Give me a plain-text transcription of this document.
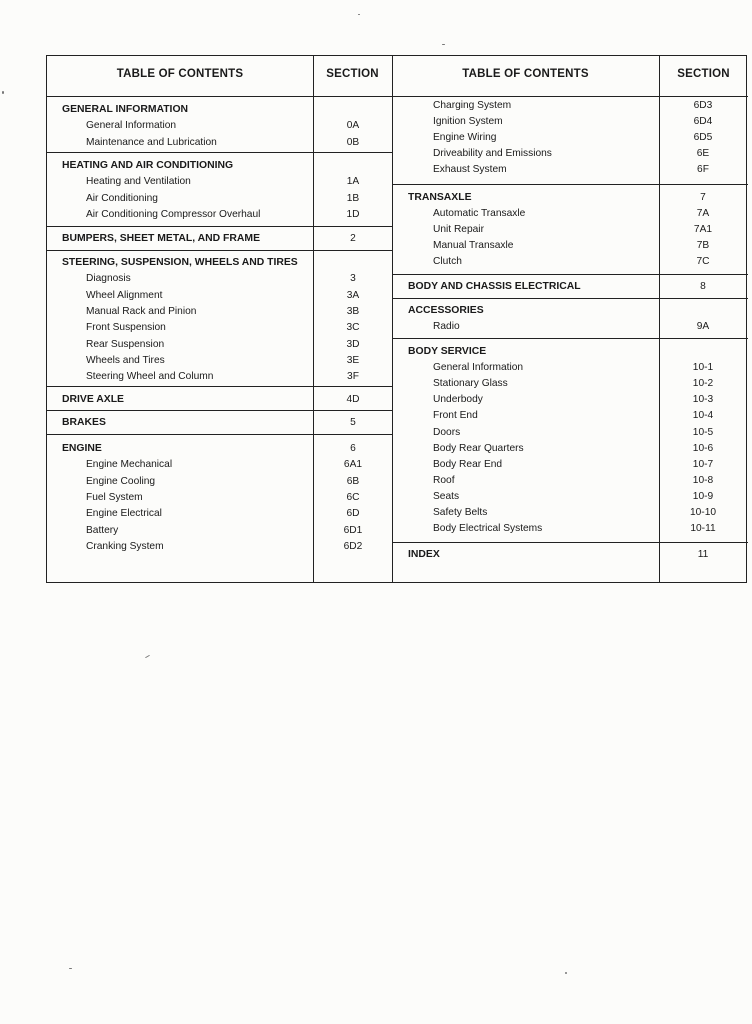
TABLE OF CONTENTS	SECTION	TABLE OF CONTENTS	SECTION
GENERAL INFORMATION
General Information	0A
Maintenance and Lubrication	0B
HEATING AND AIR CONDITIONING
Heating and Ventilation	1A
Air Conditioning	1B
Air Conditioning Compressor Overhaul	1D
BUMPERS, SHEET METAL, AND FRAME	2
STEERING, SUSPENSION, WHEELS AND TIRES
Diagnosis	3
Wheel Alignment	3A
Manual Rack and Pinion	3B
Front Suspension	3C
Rear Suspension	3D
Wheels and Tires	3E
Steering Wheel and Column	3F
DRIVE AXLE	4D
BRAKES	5
ENGINE	6
Engine Mechanical	6A1
Engine Cooling	6B
Fuel System	6C
Engine Electrical	6D
Battery	6D1
Cranking System	6D2
Charging System	6D3
Ignition System	6D4
Engine Wiring	6D5
Driveability and Emissions	6E
Exhaust System	6F
TRANSAXLE	7
Automatic Transaxle	7A
Unit Repair	7A1
Manual Transaxle	7B
Clutch	7C
BODY AND CHASSIS ELECTRICAL	8
ACCESSORIES
Radio	9A
BODY SERVICE
General Information	10-1
Stationary Glass	10-2
Underbody	10-3
Front End	10-4
Doors	10-5
Body Rear Quarters	10-6
Body Rear End	10-7
Roof	10-8
Seats	10-9
Safety Belts	10-10
Body Electrical Systems	10-11
INDEX	11
